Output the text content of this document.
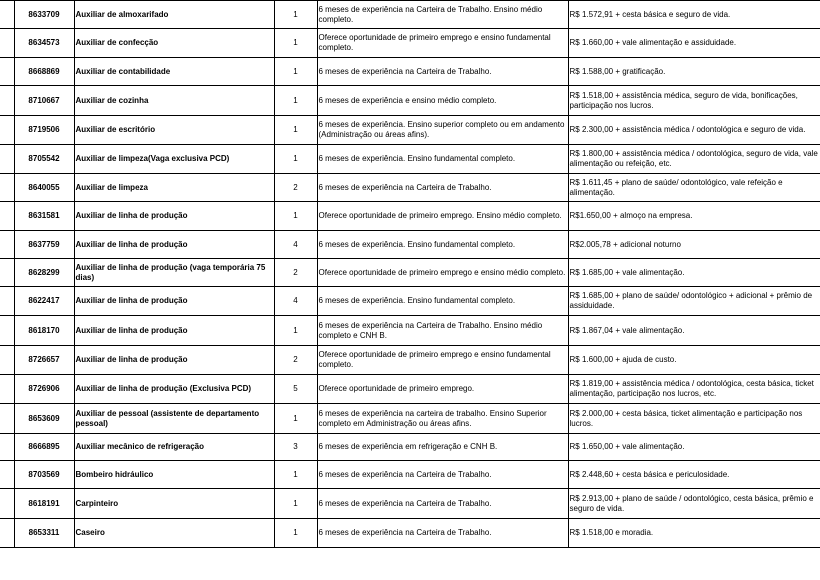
	8633709	Auxiliar de almoxarifado	1	6 meses de experiência na Carteira de Trabalho. Ensino médio completo.	R$ 1.572,91 + cesta básica e seguro de vida.
	8634573	Auxiliar de confecção	1	Oferece oportunidade de primeiro emprego e ensino fundamental completo.	R$ 1.660,00 + vale alimentação e assiduidade.
	8668869	Auxiliar de contabilidade	1	6 meses de experiência na Carteira de Trabalho.	R$ 1.588,00 + gratificação.
	8710667	Auxiliar de cozinha	1	6 meses de experiência e ensino médio completo.	R$ 1.518,00 + assistência médica, seguro de vida, bonificações, participação nos lucros.
	8719506	Auxiliar de escritório	1	6 meses de experiência. Ensino superior completo ou em andamento (Administração ou áreas afins).	R$ 2.300,00 + assistência médica / odontológica e seguro de vida.
	8705542	Auxiliar de limpeza(Vaga exclusiva PCD)	1	6 meses de experiência. Ensino fundamental completo.	R$ 1.800,00 + assistência médica / odontológica, seguro de vida, vale alimentação ou refeição, etc.
	8640055	Auxiliar de limpeza	2	6 meses de experiência na Carteira de Trabalho.	R$ 1.611,45 + plano de saúde/ odontológico, vale refeição e alimentação.
	8631581	Auxiliar de linha de produção	1	Oferece oportunidade de primeiro emprego. Ensino médio completo.	R$1.650,00 + almoço na empresa.
	8637759	Auxiliar de linha de produção	4	6 meses de experiência. Ensino fundamental completo.	R$2.005,78 + adicional noturno
	8628299	Auxiliar de linha de produção (vaga temporária 75 dias)	2	Oferece oportunidade de primeiro emprego e ensino médio completo.	R$ 1.685,00 + vale alimentação.
	8622417	Auxiliar de linha de produção	4	6 meses de experiência. Ensino fundamental completo.	R$ 1.685,00 + plano de saúde/ odontológico + adicional + prêmio de assiduidade.
	8618170	Auxiliar de linha de produção	1	6 meses de experiência na Carteira de Trabalho. Ensino médio completo e CNH B.	R$ 1.867,04 + vale alimentação.
	8726657	Auxiliar de linha de produção	2	Oferece oportunidade de primeiro emprego e ensino fundamental completo.	R$ 1.600,00 + ajuda de custo.
	8726906	Auxiliar de linha de produção (Exclusiva PCD)	5	Oferece oportunidade de primeiro emprego.	R$ 1.819,00 + assistência médica / odontológica, cesta básica, ticket alimentação, participação nos lucros, etc.
	8653609	Auxiliar de pessoal (assistente de departamento pessoal)	1	6 meses de experiência na carteira de trabalho. Ensino Superior completo em Administração ou áreas afins.	R$ 2.000,00 + cesta básica, ticket alimentação e participação nos lucros.
	8666895	Auxiliar mecânico de refrigeração	3	6 meses de experiência em refrigeração e CNH B.	R$ 1.650,00 + vale alimentação.
	8703569	Bombeiro hidráulico	1	6 meses de experiência na Carteira de Trabalho.	R$ 2.448,60 + cesta básica e periculosidade.
	8618191	Carpinteiro	1	6 meses de experiência na Carteira de Trabalho.	R$ 2.913,00 + plano de saúde / odontológico, cesta básica, prêmio e seguro de vida.
	8653311	Caseiro	1	6 meses de experiência na Carteira de Trabalho.	R$ 1.518,00 e moradia.
